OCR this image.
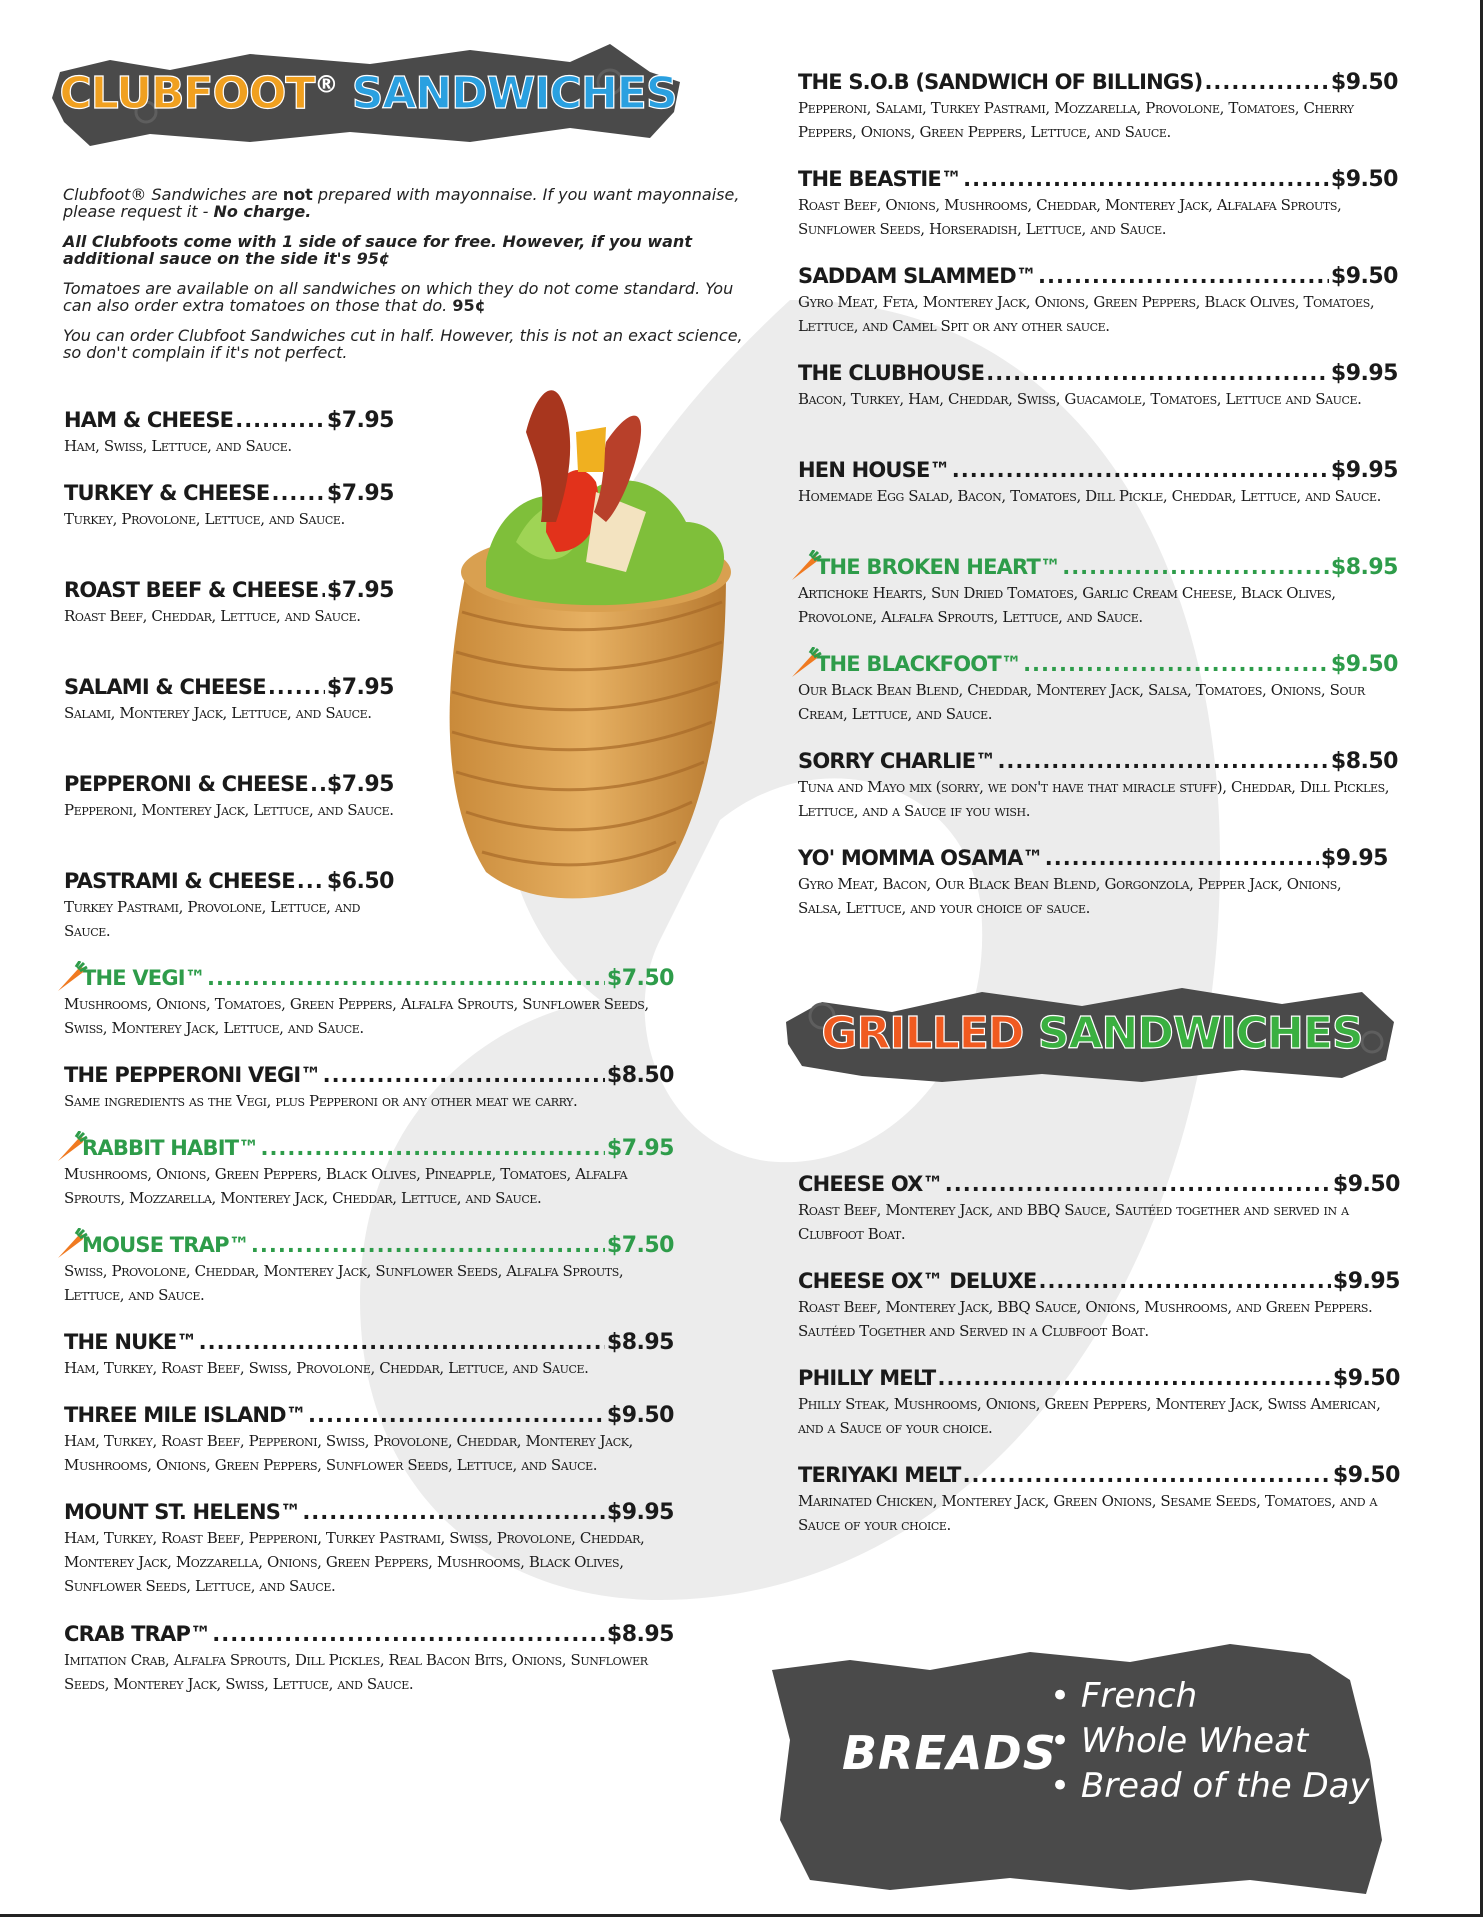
CLUBFOOT® SANDWICHES

Clubfoot® Sandwiches are not prepared with mayonnaise. If you want mayonnaise, please request it - No charge.

All Clubfoots come with 1 side of sauce for free. However, if you want additional sauce on the side it's 95¢

Tomatoes are available on all sandwiches on which they do not come standard. You can also order extra tomatoes on those that do. 95¢

You can order Clubfoot Sandwiches cut in half. However, this is not an exact science, so don't complain if it's not perfect.

HAM & CHEESE .....	$7.95
Ham, Swiss, Lettuce, and Sauce.
TURKEY & CHEESE .....	$7.95
Turkey, Provolone, Lettuce, and Sauce.
ROAST BEEF & CHEESE ..... $7.95
Roast Beef, Cheddar, Lettuce, and Sauce.
SALAMI & CHEESE .....	$7.95
Salami, Monterey Jack, Lettuce, and Sauce.
PEPPERONI & CHEESE ..... $7.95
Pepperoni, Monterey Jack, Lettuce, and Sauce.
PASTRAMI & CHEESE ..... $6.50
Turkey Pastrami, Provolone, Lettuce, and Sauce.
THE VEGI™ .....	$7.50
Mushrooms, Onions, Tomatoes, Green Peppers, Alfalfa Sprouts, Sunflower Seeds, Swiss, Monterey Jack, Lettuce, and Sauce.
THE PEPPERONI VEGI™ .....	$8.50
Same ingredients as the Vegi, plus Pepperoni or any other meat we carry.
RABBIT HABIT™ .....	$7.95
Mushrooms, Onions, Green Peppers, Black Olives, Pineapple, Tomatoes, Alfalfa Sprouts, Mozzarella, Monterey Jack, Cheddar, Lettuce, and Sauce.
MOUSE TRAP™ .....	$7.50
Swiss, Provolone, Cheddar, Monterey Jack, Sunflower Seeds, Alfalfa Sprouts, Lettuce, and Sauce.
THE NUKE™ .....	$8.95
Ham, Turkey, Roast Beef, Swiss, Provolone, Cheddar, Lettuce, and Sauce.
THREE MILE ISLAND™ .....	$9.50
Ham, Turkey, Roast Beef, Pepperoni, Swiss, Provolone, Cheddar, Monterey Jack, Mushrooms, Onions, Green Peppers, Sunflower Seeds, Lettuce, and Sauce.
MOUNT ST. HELENS™ .....	$9.95
Ham, Turkey, Roast Beef, Pepperoni, Turkey Pastrami, Swiss, Provolone, Cheddar, Monterey Jack, Mozzarella, Onions, Green Peppers, Mushrooms, Black Olives, Sunflower Seeds, Lettuce, and Sauce.
CRAB TRAP™ .....	$8.95
Imitation Crab, Alfalfa Sprouts, Dill Pickles, Real Bacon Bits, Onions, Sunflower Seeds, Monterey Jack, Swiss, Lettuce, and Sauce.
THE S.O.B (SANDWICH OF BILLINGS) .....	$9.50
Pepperoni, Salami, Turkey Pastrami, Mozzarella, Provolone, Tomatoes, Cherry Peppers, Onions, Green Peppers, Lettuce, and Sauce.
THE BEASTIE™ .....	$9.50
Roast Beef, Onions, Mushrooms, Cheddar, Monterey Jack, Alfalafa Sprouts, Sunflower Seeds, Horseradish, Lettuce, and Sauce.
SADDAM SLAMMED™ .....	$9.50
Gyro Meat, Feta, Monterey Jack, Onions, Green Peppers, Black Olives, Tomatoes, Lettuce, and Camel Spit or any other sauce.
THE CLUBHOUSE .....	$9.95
Bacon, Turkey, Ham, Cheddar, Swiss, Guacamole, Tomatoes, Lettuce and Sauce.
HEN HOUSE™ .....	$9.95
Homemade Egg Salad, Bacon, Tomatoes, Dill Pickle, Cheddar, Lettuce, and Sauce.
THE BROKEN HEART™ .....	$8.95
Artichoke Hearts, Sun Dried Tomatoes, Garlic Cream Cheese, Black Olives, Provolone, Alfalfa Sprouts, Lettuce, and Sauce.
THE BLACKFOOT™ .....	$9.50
Our Black Bean Blend, Cheddar, Monterey Jack, Salsa, Tomatoes, Onions, Sour Cream, Lettuce, and Sauce.
SORRY CHARLIE™ .....	$8.50
Tuna and Mayo mix (sorry, we don't have that miracle stuff), Cheddar, Dill Pickles, Lettuce, and a Sauce if you wish.
YO' MOMMA OSAMA™ .....	$9.95
Gyro Meat, Bacon, Our Black Bean Blend, Gorgonzola, Pepper Jack, Onions, Salsa, Lettuce, and your choice of sauce.
GRILLED SANDWICHES
CHEESE OX™ .....	$9.50
Roast Beef, Monterey Jack, and BBQ Sauce, Sautéed together and served in a Clubfoot Boat.
CHEESE OX™ DELUXE .....	$9.95
Roast Beef, Monterey Jack, BBQ Sauce, Onions, Mushrooms, and Green Peppers. Sautéed Together and Served in a Clubfoot Boat.
PHILLY MELT .....	$9.50
Philly Steak, Mushrooms, Onions, Green Peppers, Monterey Jack, Swiss American, and a Sauce of your choice.
TERIYAKI MELT .....	$9.50
Marinated Chicken, Monterey Jack, Green Onions, Sesame Seeds, Tomatoes, and a Sauce of your choice.
BREADS
• French
• Whole Wheat
• Bread of the Day
